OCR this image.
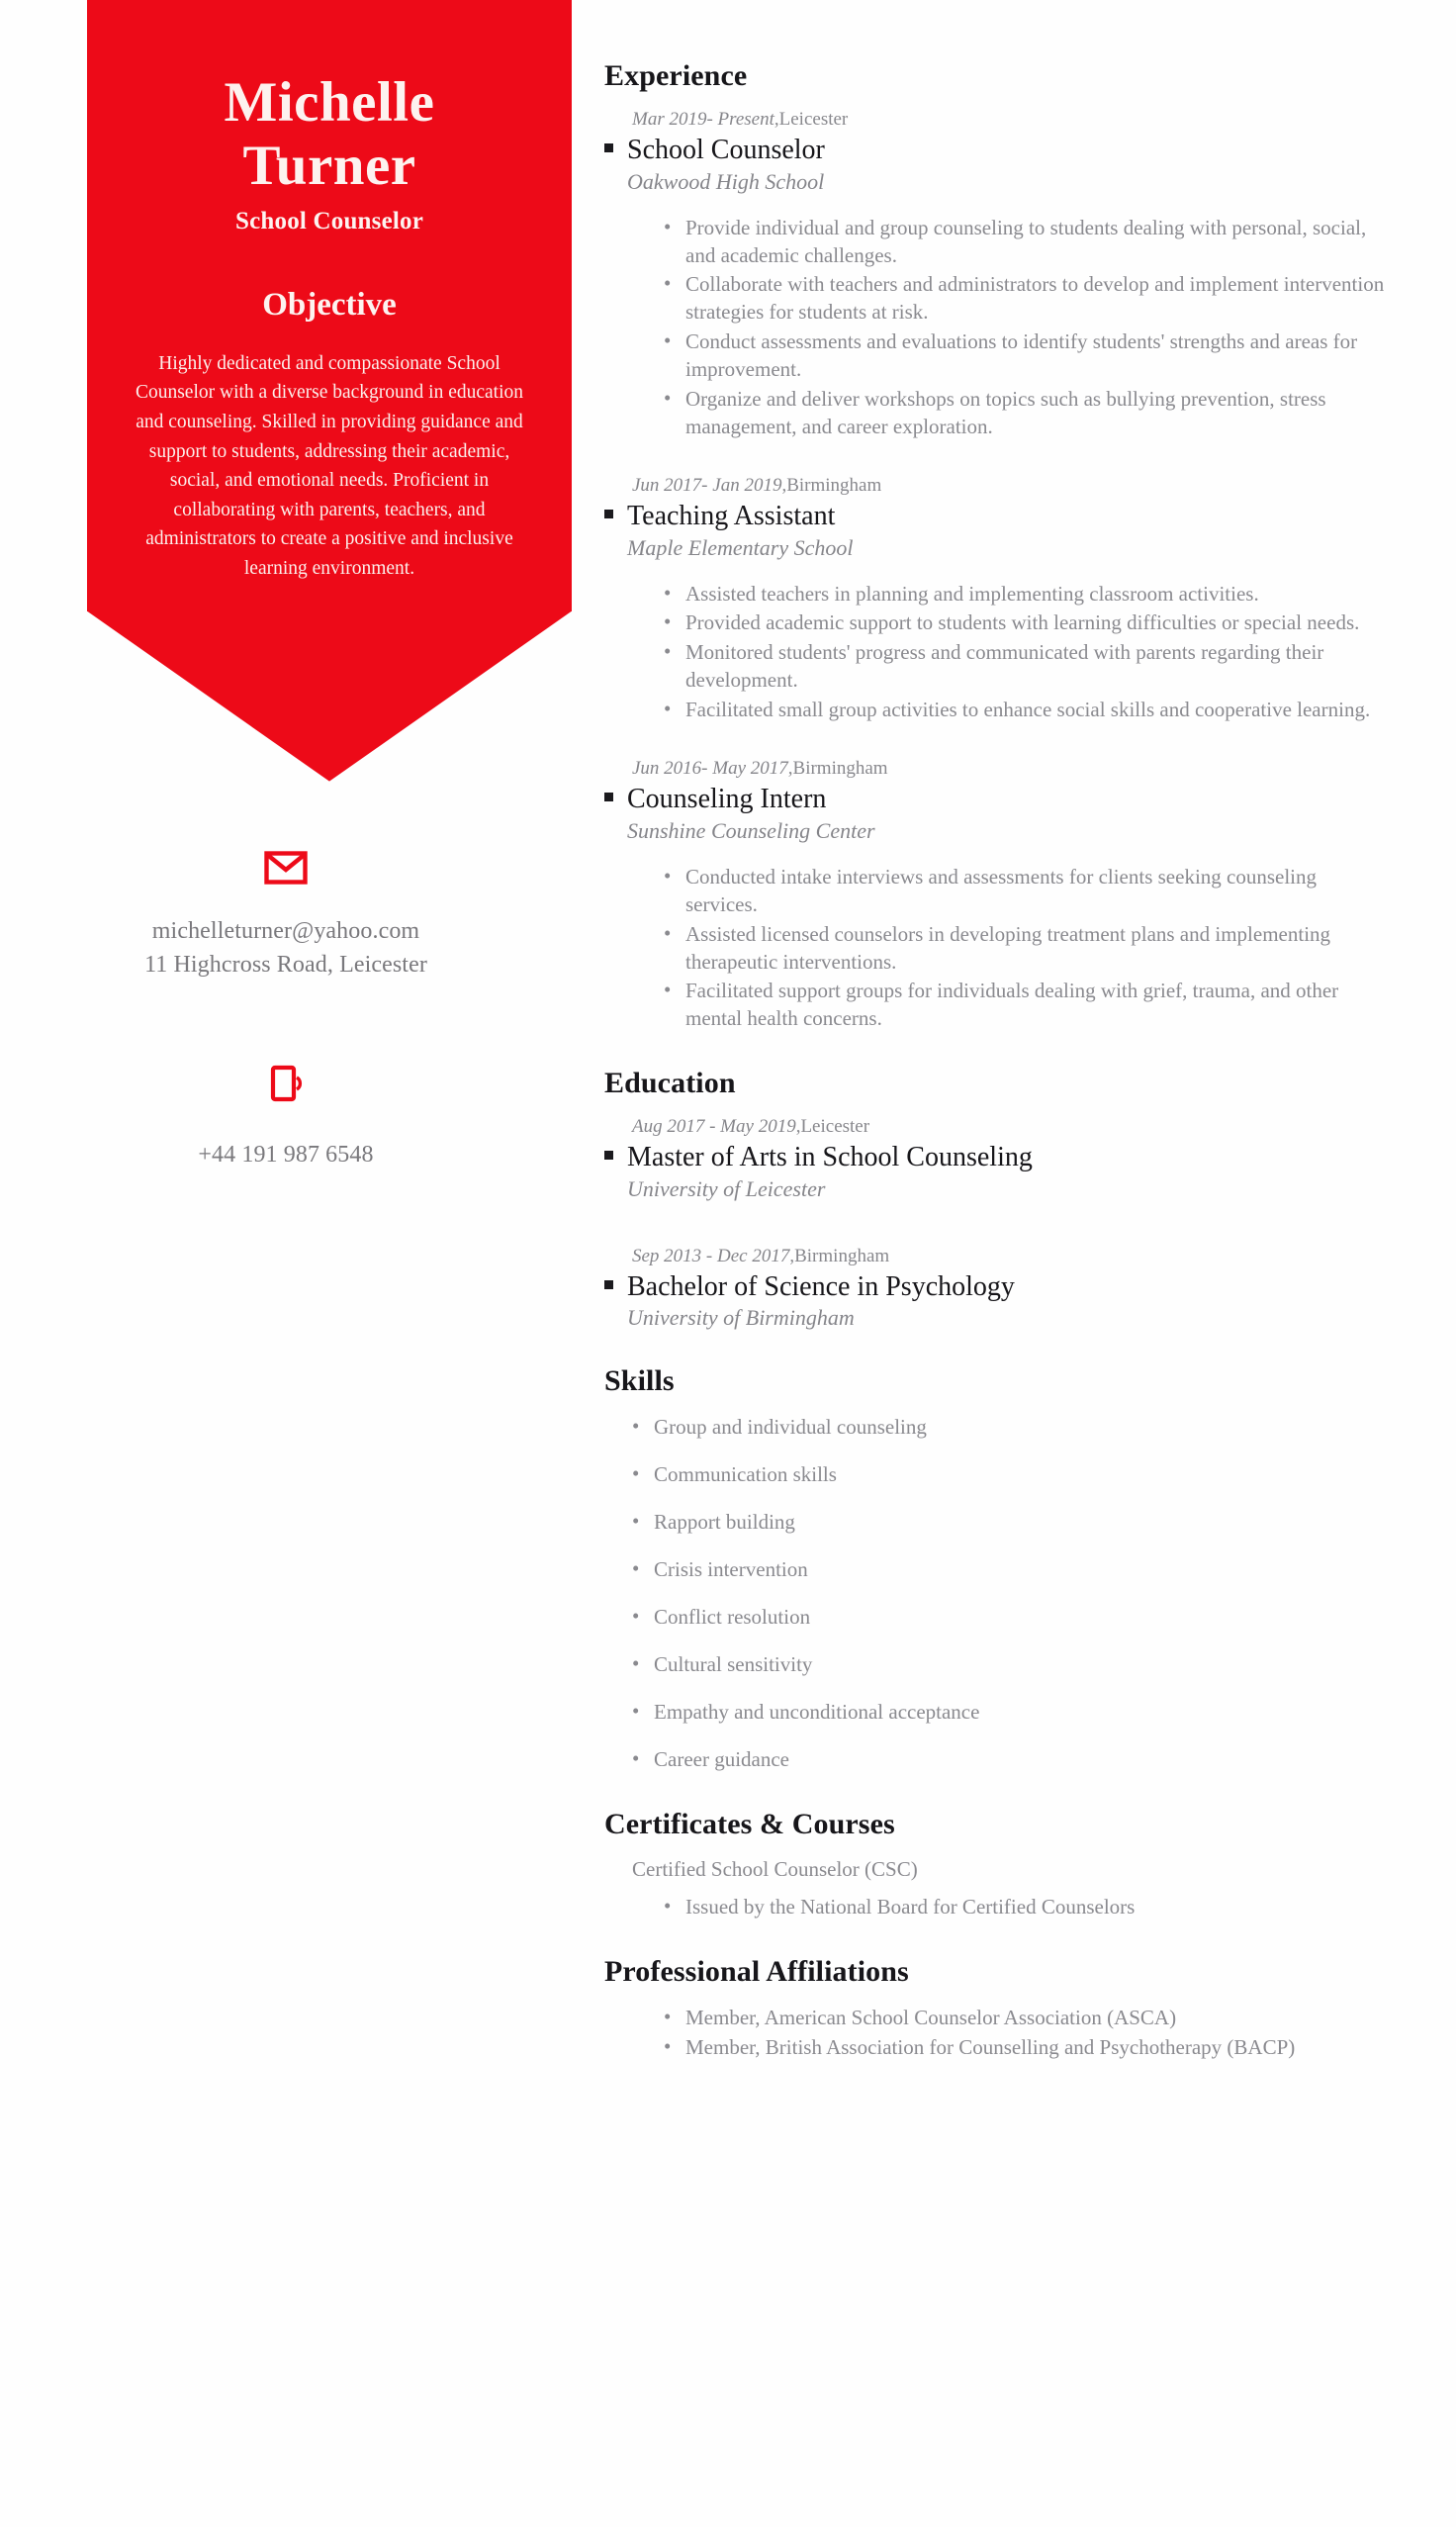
Michelle
Turner
School Counselor
Objective

Highly dedicated and compassionate School Counselor with a diverse background in education and counseling. Skilled in providing guidance and support to students, addressing their academic, social, and emotional needs. Proficient in collaborating with parents, teachers, and administrators to create a positive and inclusive learning environment.

michelleturner@yahoo.com
11 Highcross Road, Leicester
+44 191 987 6548
Experience
Mar 2019- Present,Leicester
School Counselor
Oakwood High School
• Provide individual and group counseling to students dealing with personal, social, and academic challenges.
• Collaborate with teachers and administrators to develop and implement intervention strategies for students at risk.
• Conduct assessments and evaluations to identify students' strengths and areas for improvement.
• Organize and deliver workshops on topics such as bullying prevention, stress management, and career exploration.
Jun 2017- Jan 2019,Birmingham
Teaching Assistant
Maple Elementary School
• Assisted teachers in planning and implementing classroom activities.
• Provided academic support to students with learning difficulties or special needs.
• Monitored students' progress and communicated with parents regarding their development.
• Facilitated small group activities to enhance social skills and cooperative learning.
Jun 2016- May 2017,Birmingham
Counseling Intern
Sunshine Counseling Center
• Conducted intake interviews and assessments for clients seeking counseling services.
• Assisted licensed counselors in developing treatment plans and implementing therapeutic interventions.
• Facilitated support groups for individuals dealing with grief, trauma, and other mental health concerns.
Education
Aug 2017 - May 2019,Leicester
Master of Arts in School Counseling
University of Leicester
Sep 2013 - Dec 2017,Birmingham
Bachelor of Science in Psychology
University of Birmingham
Skills
• Group and individual counseling
• Communication skills
• Rapport building
• Crisis intervention
• Conflict resolution
• Cultural sensitivity
• Empathy and unconditional acceptance
• Career guidance
Certificates & Courses
Certified School Counselor (CSC)
• Issued by the National Board for Certified Counselors
Professional Affiliations
• Member, American School Counselor Association (ASCA)
• Member, British Association for Counselling and Psychotherapy (BACP)
